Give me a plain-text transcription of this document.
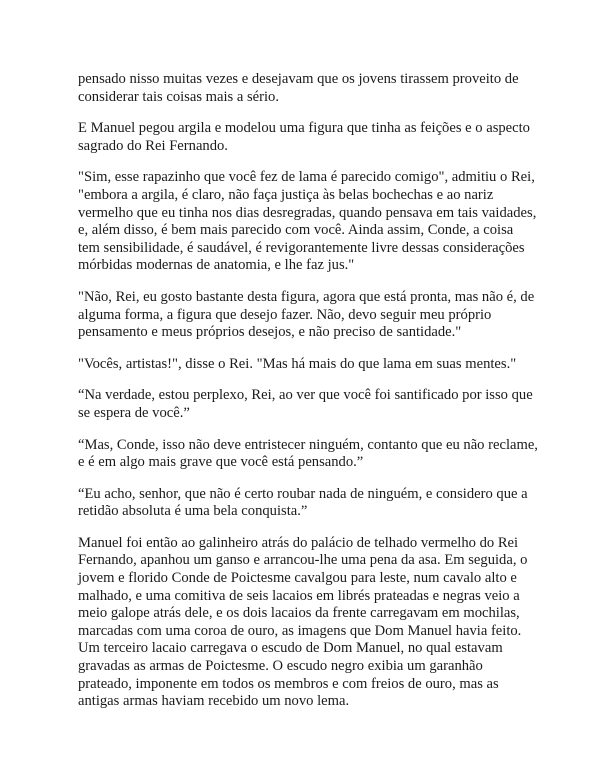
pensado nisso muitas vezes e desejavam que os jovens tirassem proveito de considerar tais coisas mais a sério.

E Manuel pegou argila e modelou uma figura que tinha as feições e o aspecto sagrado do Rei Fernando.

"Sim, esse rapazinho que você fez de lama é parecido comigo", admitiu o Rei, "embora a argila, é claro, não faça justiça às belas bochechas e ao nariz vermelho que eu tinha nos dias desregradas, quando pensava em tais vaidades, e, além disso, é bem mais parecido com você. Ainda assim, Conde, a coisa tem sensibilidade, é saudável, é revigorantemente livre dessas considerações mórbidas modernas de anatomia, e lhe faz jus."

"Não, Rei, eu gosto bastante desta figura, agora que está pronta, mas não é, de alguma forma, a figura que desejo fazer. Não, devo seguir meu próprio pensamento e meus próprios desejos, e não preciso de santidade."

"Vocês, artistas!", disse o Rei. "Mas há mais do que lama em suas mentes."

“Na verdade, estou perplexo, Rei, ao ver que você foi santificado por isso que se espera de você.”

“Mas, Conde, isso não deve entristecer ninguém, contanto que eu não reclame, e é em algo mais grave que você está pensando.”

“Eu acho, senhor, que não é certo roubar nada de ninguém, e considero que a retidão absoluta é uma bela conquista.”

Manuel foi então ao galinheiro atrás do palácio de telhado vermelho do Rei Fernando, apanhou um ganso e arrancou-lhe uma pena da asa. Em seguida, o jovem e florido Conde de Poictesme cavalgou para leste, num cavalo alto e malhado, e uma comitiva de seis lacaios em librés prateadas e negras veio a meio galope atrás dele, e os dois lacaios da frente carregavam em mochilas, marcadas com uma coroa de ouro, as imagens que Dom Manuel havia feito. Um terceiro lacaio carregava o escudo de Dom Manuel, no qual estavam gravadas as armas de Poictesme. O escudo negro exibia um garanhão prateado, imponente em todos os membros e com freios de ouro, mas as antigas armas haviam recebido um novo lema.
